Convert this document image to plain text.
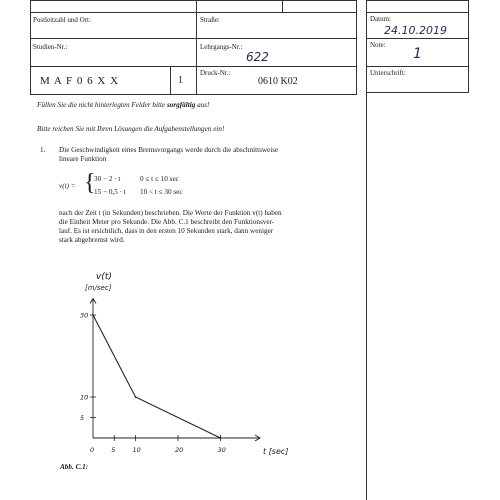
Postleitzahl und Ort:	Straße:
Studien-Nr.:	Lehrgangs-Nr.:
622
M A F 0 6 X X	1
Druck-Nr.:
0610 K02
Datum:
24.10.2019
Note:
1
Unterschrift:

Füllen Sie die nicht hinterlegten Felder bitte sorgfältig aus!

Bitte reichen Sie mit Ihren Lösungen die Aufgabenstellungen ein!

1. Die Geschwindigkeit eines Bremsvorgangs werde durch die abschnittsweise

lineare Funktion

v(t) = {

30 − 2 · t	0 ≤ t ≤ 10 sec

15 − 0,5 · t 10 < t ≤ 30 sec

nach der Zeit t (in Sekunden) beschrieben. Die Werte der Funktion v(t) haben

die Einheit Meter pro Sekunde. Die Abb. C.1 beschreibt den Funktionsver-

lauf. Es ist ersichtlich, dass in den ersten 10 Sekunden stark, dann weniger

stark abgebremst wird.

0	5	10	20	30
5
10
30
v(t)
[m/sec]
t [sec]

Abb. C.1:
